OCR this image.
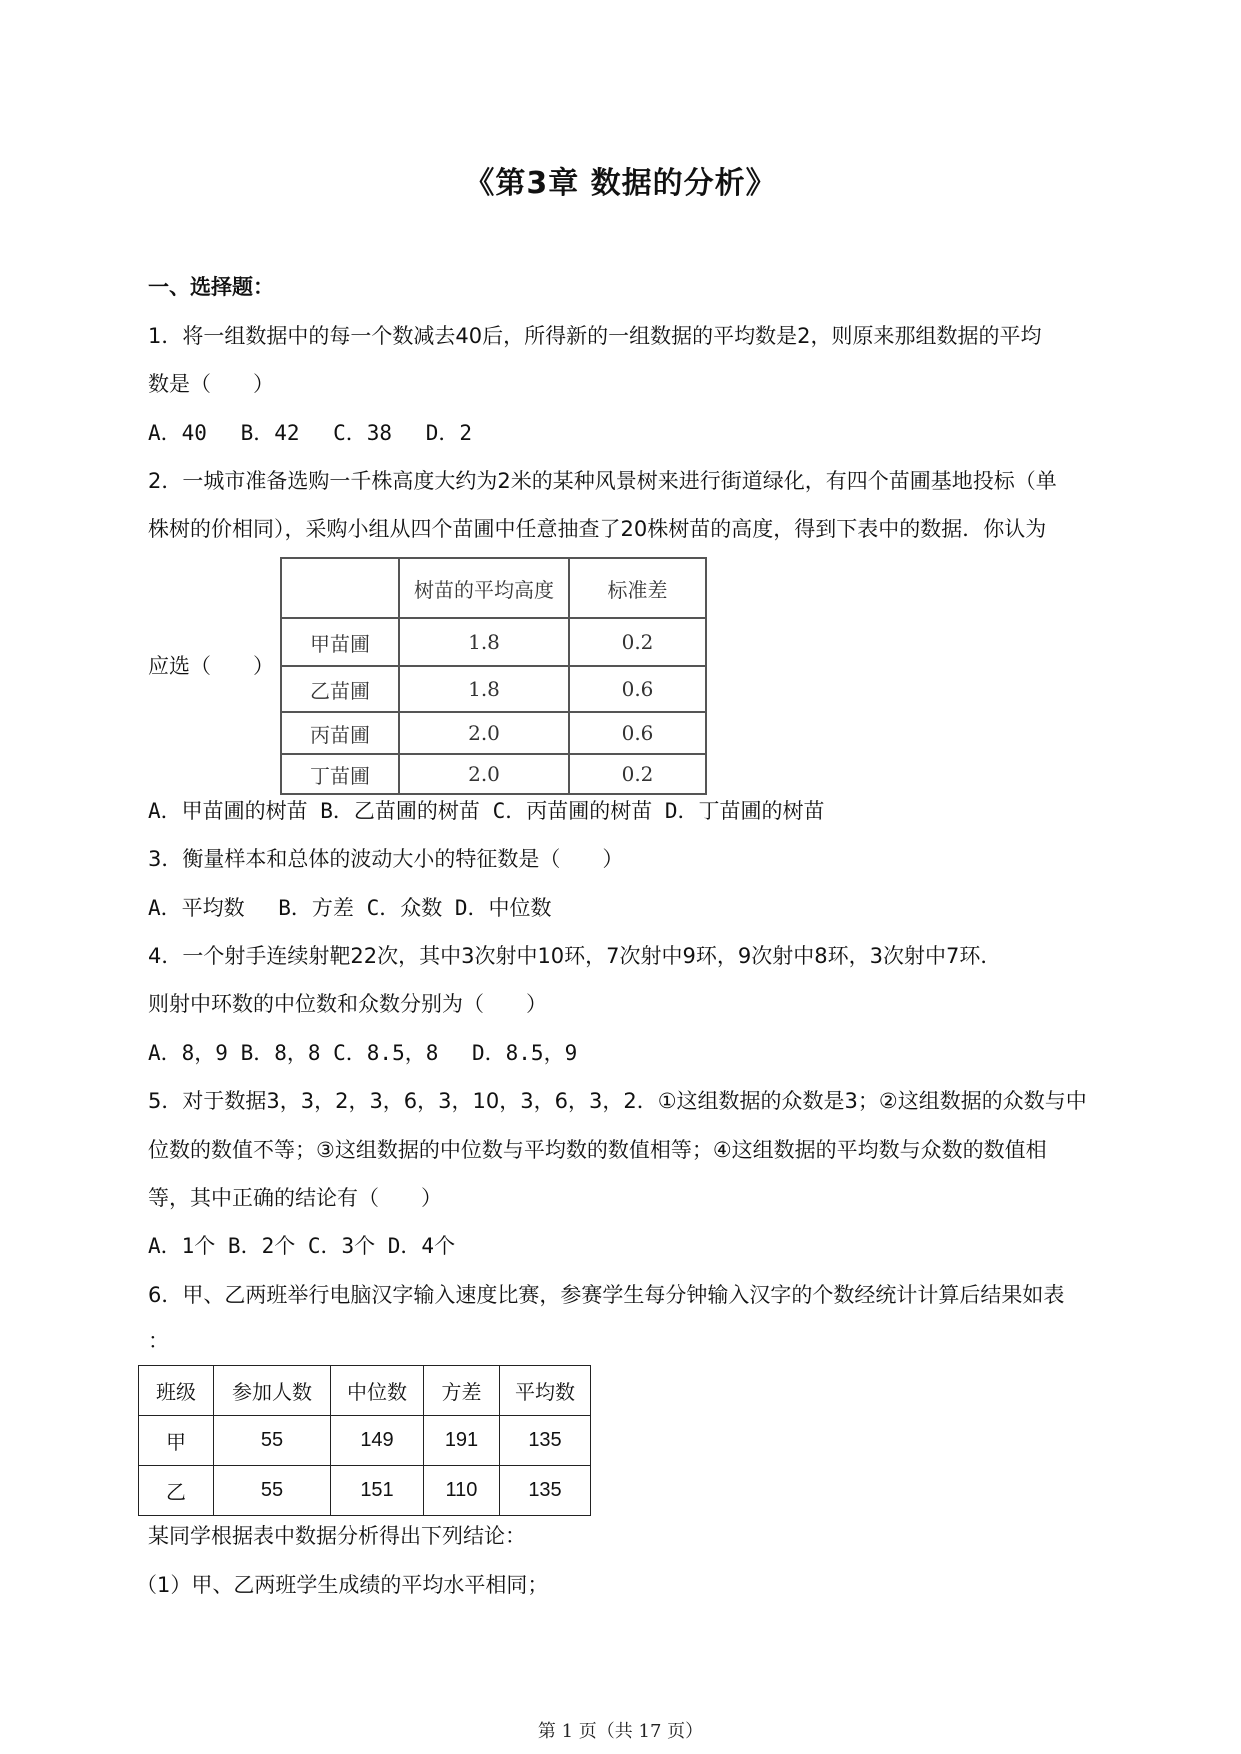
《第3章 数据的分析》
一、选择题：
1．将一组数据中的每一个数减去40后，所得新的一组数据的平均数是2，则原来那组数据的平均
数是（　　）
A．40　 B．42　 C．38　 D．2
2．一城市准备选购一千株高度大约为2米的某种风景树来进行街道绿化，有四个苗圃基地投标（单
株树的价相同），采购小组从四个苗圃中任意抽查了20株树苗的高度，得到下表中的数据．你认为
应选（　　）
	树苗的平均高度	标准差
甲苗圃	1.8	0.2
乙苗圃	1.8	0.6
丙苗圃	2.0	0.6
丁苗圃	2.0	0.2
A．甲苗圃的树苗 B．乙苗圃的树苗 C．丙苗圃的树苗 D．丁苗圃的树苗
3．衡量样本和总体的波动大小的特征数是（　　）
A．平均数　 B．方差 C．众数 D．中位数
4．一个射手连续射靶22次，其中3次射中10环，7次射中9环，9次射中8环，3次射中7环．
则射中环数的中位数和众数分别为（　　）
A．8，9 B．8，8 C．8.5，8　 D．8.5，9
5．对于数据3，3，2，3，6，3，10，3，6，3，2．①这组数据的众数是3；②这组数据的众数与中
位数的数值不等；③这组数据的中位数与平均数的数值相等；④这组数据的平均数与众数的数值相
等，其中正确的结论有（　　）
A．1个 B．2个 C．3个 D．4个
6．甲、乙两班举行电脑汉字输入速度比赛，参赛学生每分钟输入汉字的个数经统计计算后结果如表
：
班级	参加人数	中位数	方差	平均数
甲	55	149	191	135
乙	55	151	110	135
某同学根据表中数据分析得出下列结论：
（1）甲、乙两班学生成绩的平均水平相同；
第 1 页（共 17 页）
